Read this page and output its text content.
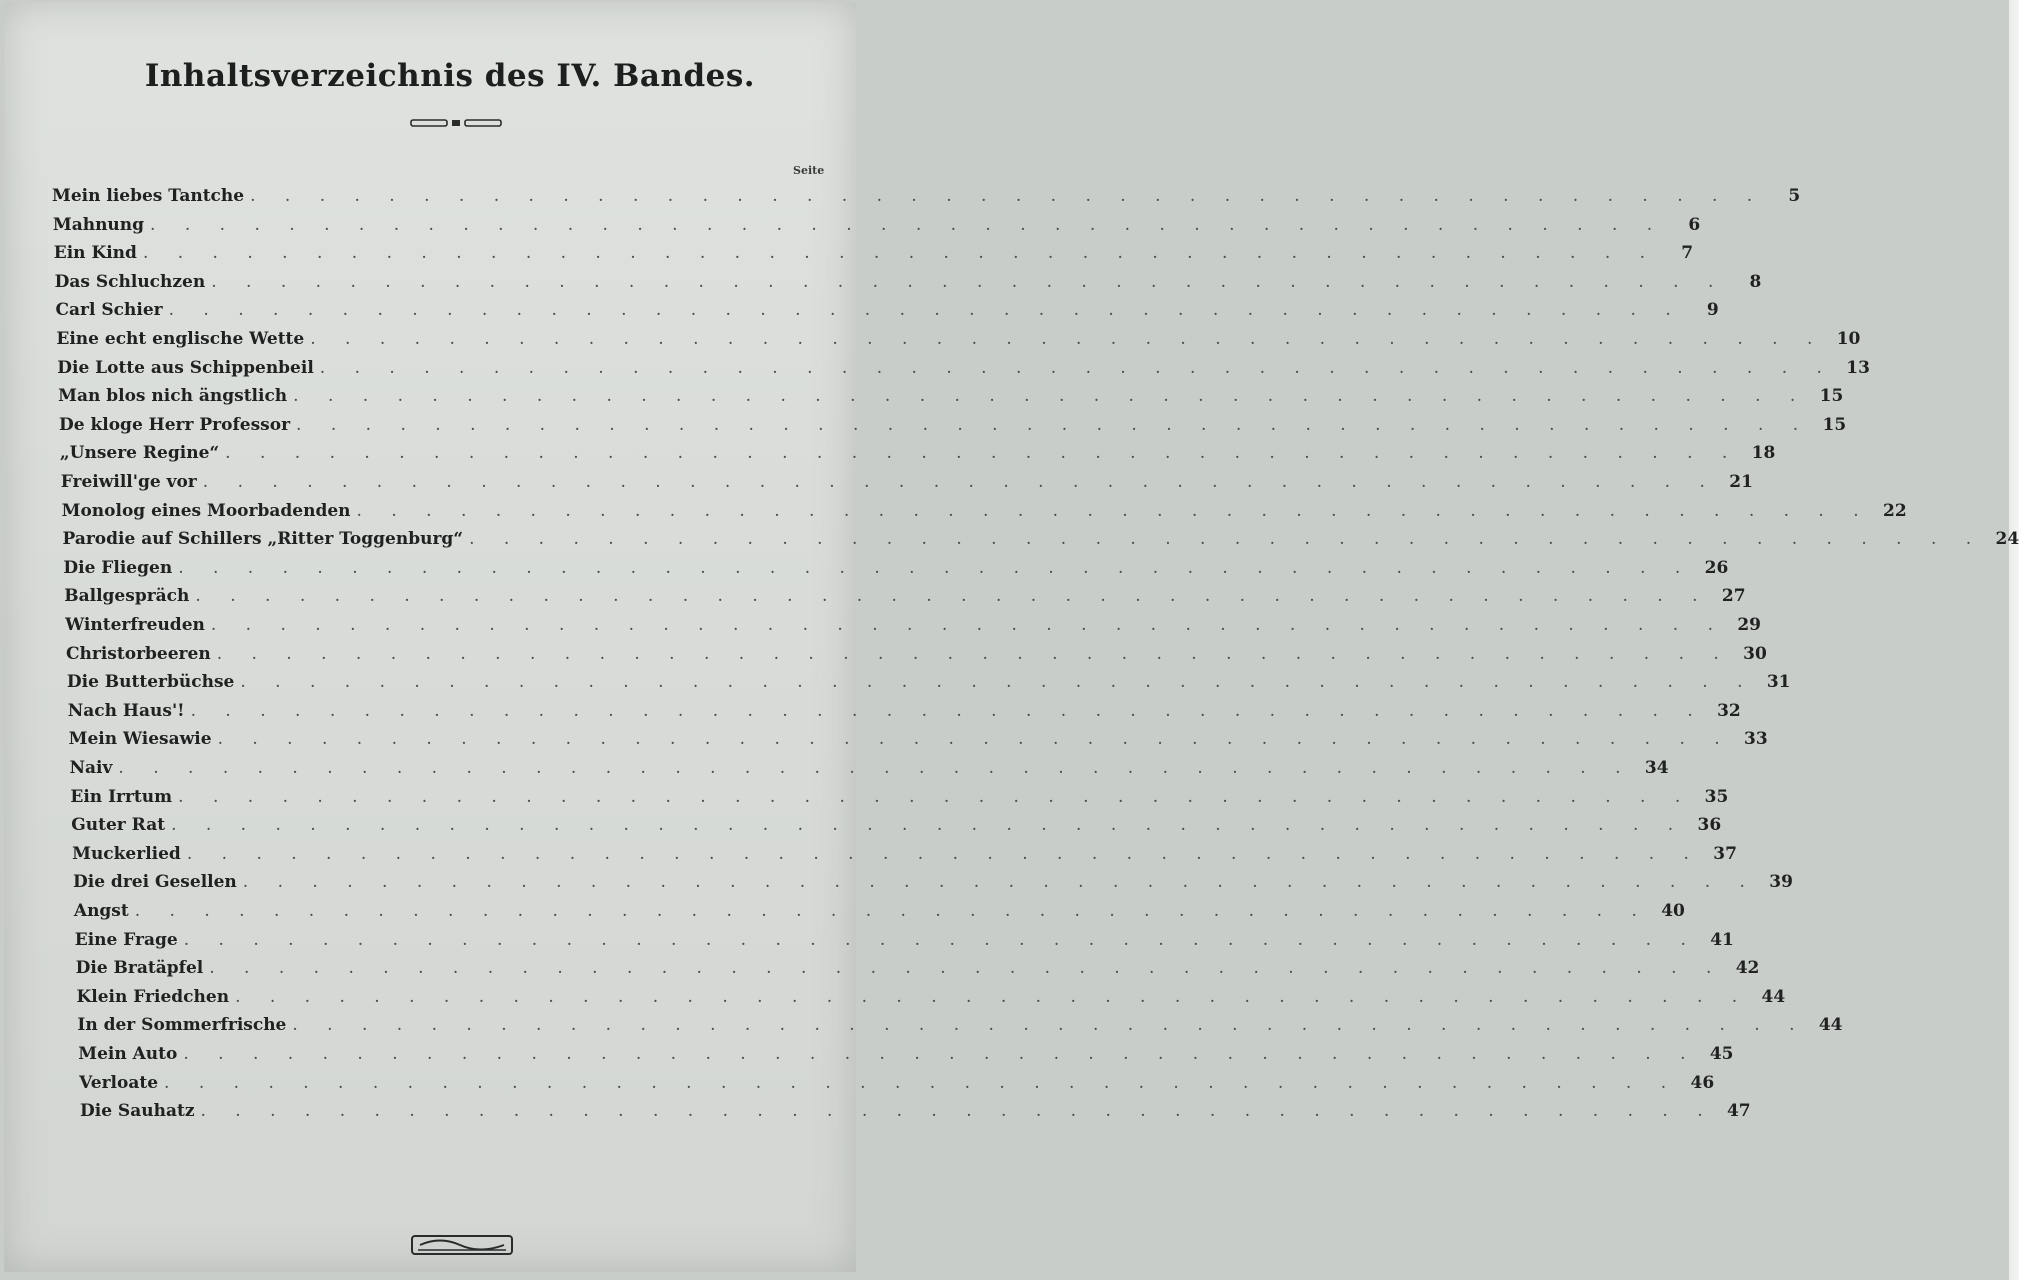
Inhaltsverzeichnis des IV. Bandes.
Seite
Mein liebes Tantche . . . . . . . . . . . . . . . . . . . . . . . . . . . . . . . . . . . . . . . . . . . .	5
Mahnung . . . . . . . . . . . . . . . . . . . . . . . . . . . . . . . . . . . . . . . . . . . .	6
Ein Kind . . . . . . . . . . . . . . . . . . . . . . . . . . . . . . . . . . . . . . . . . . . .	7
Das Schluchzen . . . . . . . . . . . . . . . . . . . . . . . . . . . . . . . . . . . . . . . . . . . .	8
Carl Schier . . . . . . . . . . . . . . . . . . . . . . . . . . . . . . . . . . . . . . . . . . . .	9
Eine echt englische Wette . . . . . . . . . . . . . . . . . . . . . . . . . . . . . . . . . . . . . . . . . . . . 10
Die Lotte aus Schippenbeil . . . . . . . . . . . . . . . . . . . . . . . . . . . . . . . . . . . . . . . . . . . . 13
Man blos nich ängstlich . . . . . . . . . . . . . . . . . . . . . . . . . . . . . . . . . . . . . . . . . . . . 15
De kloge Herr Professor . . . . . . . . . . . . . . . . . . . . . . . . . . . . . . . . . . . . . . . . . . . . 15
„Unsere Regine“ . . . . . . . . . . . . . . . . . . . . . . . . . . . . . . . . . . . . . . . . . . . . 18
Freiwill'ge vor . . . . . . . . . . . . . . . . . . . . . . . . . . . . . . . . . . . . . . . . . . . . 21
Monolog eines Moorbadenden . . . . . . . . . . . . . . . . . . . . . . . . . . . . . . . . . . . . . . . . . . . . 22
Parodie auf Schillers „Ritter Toggenburg“ . . . . . . . . . . . . . . . . . . . . . . . . . . . . . . . . . . . . . . . . . . . . 24
Die Fliegen . . . . . . . . . . . . . . . . . . . . . . . . . . . . . . . . . . . . . . . . . . . . 26
Ballgespräch . . . . . . . . . . . . . . . . . . . . . . . . . . . . . . . . . . . . . . . . . . . . 27
Winterfreuden . . . . . . . . . . . . . . . . . . . . . . . . . . . . . . . . . . . . . . . . . . . . 29
Christorbeeren . . . . . . . . . . . . . . . . . . . . . . . . . . . . . . . . . . . . . . . . . . . . 30
Die Butterbüchse . . . . . . . . . . . . . . . . . . . . . . . . . . . . . . . . . . . . . . . . . . . . 31
Nach Haus'! . . . . . . . . . . . . . . . . . . . . . . . . . . . . . . . . . . . . . . . . . . . . 32
Mein Wiesawie . . . . . . . . . . . . . . . . . . . . . . . . . . . . . . . . . . . . . . . . . . . . 33
Naiv . . . . . . . . . . . . . . . . . . . . . . . . . . . . . . . . . . . . . . . . . . . . 34
Ein Irrtum . . . . . . . . . . . . . . . . . . . . . . . . . . . . . . . . . . . . . . . . . . . . 35
Guter Rat . . . . . . . . . . . . . . . . . . . . . . . . . . . . . . . . . . . . . . . . . . . . 36
Muckerlied . . . . . . . . . . . . . . . . . . . . . . . . . . . . . . . . . . . . . . . . . . . . 37
Die drei Gesellen . . . . . . . . . . . . . . . . . . . . . . . . . . . . . . . . . . . . . . . . . . . . 39
Angst . . . . . . . . . . . . . . . . . . . . . . . . . . . . . . . . . . . . . . . . . . . . 40
Eine Frage . . . . . . . . . . . . . . . . . . . . . . . . . . . . . . . . . . . . . . . . . . . . 41
Die Bratäpfel . . . . . . . . . . . . . . . . . . . . . . . . . . . . . . . . . . . . . . . . . . . . 42
Klein Friedchen . . . . . . . . . . . . . . . . . . . . . . . . . . . . . . . . . . . . . . . . . . . . 44
In der Sommerfrische . . . . . . . . . . . . . . . . . . . . . . . . . . . . . . . . . . . . . . . . . . . . 44
Mein Auto . . . . . . . . . . . . . . . . . . . . . . . . . . . . . . . . . . . . . . . . . . . . 45
Verloate . . . . . . . . . . . . . . . . . . . . . . . . . . . . . . . . . . . . . . . . . . . . 46
Die Sauhatz . . . . . . . . . . . . . . . . . . . . . . . . . . . . . . . . . . . . . . . . . . . . 47
